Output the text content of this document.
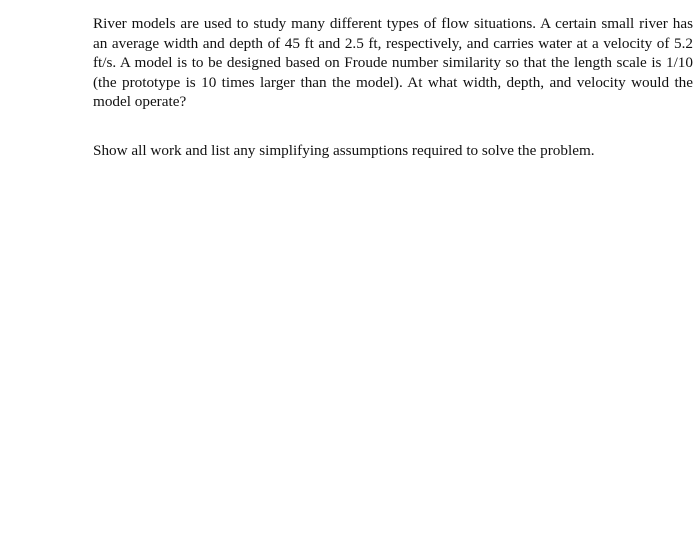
River models are used to study many different types of flow situations. A certain small river has an average width and depth of 45 ft and 2.5 ft, respectively, and carries water at a velocity of 5.2 ft/s. A model is to be designed based on Froude number similarity so that the length scale is 1/10 (the prototype is 10 times larger than the model). At what width, depth, and velocity would the model operate?

Show all work and list any simplifying assumptions required to solve the problem.
